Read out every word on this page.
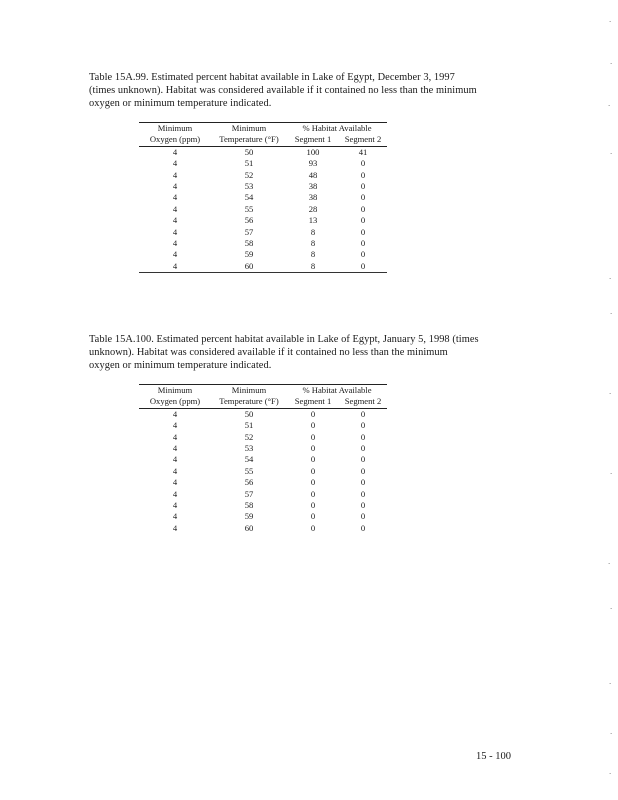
Table 15A.99. Estimated percent habitat available in Lake of Egypt, December 3, 1997 (times unknown). Habitat was considered available if it contained no less than the minimum oxygen or minimum temperature indicated.
Minimum	Minimum	% Habitat Available	
Oxygen (ppm)	Temperature (°F)	Segment 1	Segment 2
4	50	100	41
4	51	93	0
4	52	48	0
4	53	38	0
4	54	38	0
4	55	28	0
4	56	13	0
4	57	8	0
4	58	8	0
4	59	8	0
4	60	8	0
Table 15A.100. Estimated percent habitat available in Lake of Egypt, January 5, 1998 (times unknown). Habitat was considered available if it contained no less than the minimum oxygen or minimum temperature indicated.
Minimum	Minimum	% Habitat Available	
Oxygen (ppm)	Temperature (°F)	Segment 1	Segment 2
4	50	0	0
4	51	0	0
4	52	0	0
4	53	0	0
4	54	0	0
4	55	0	0
4	56	0	0
4	57	0	0
4	58	0	0
4	59	0	0
4	60	0	0
15 - 100
·
·
·
·
·
·
·
·
·
·
·
·
·
